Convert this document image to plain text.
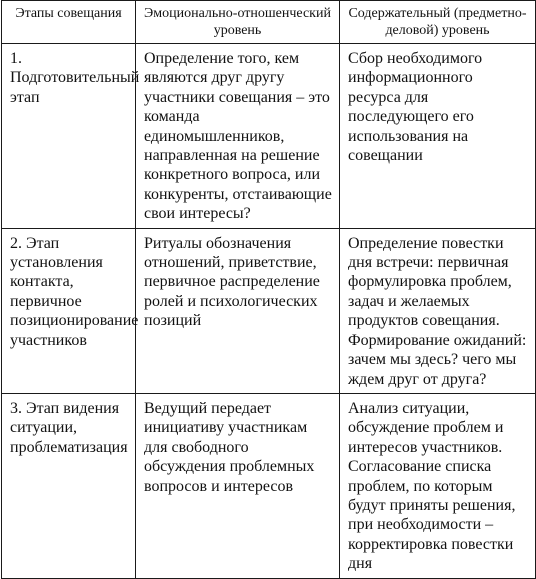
Этапы совещания	Эмоционально-отношенческий уровень	Содержательный (предметно-деловой) уровень
1. Подготовительный этап	Определение того, кем являются друг другу участники совещания – это команда единомышленников, направленная на решение конкретного вопроса, или конкуренты, отстаивающие свои интересы?	Сбор необходимого информационного ресурса для последующего его использования на совещании
2. Этап установления контакта, первичное позиционирование участников	Ритуалы обозначения отношений, приветствие, первичное распределение ролей и психологических позиций	Определение повестки дня встречи: первичная формулировка проблем, задач и желаемых продуктов совещания. Формирование ожиданий: зачем мы здесь? чего мы ждем друг от друга?
3. Этап видения ситуации, проблематизация	Ведущий передает инициативу участникам для свободного обсуждения проблемных вопросов и интересов	Анализ ситуации, обсуждение проблем и интересов участников. Согласование списка проблем, по которым будут приняты решения, при необходимости – корректировка повестки дня
